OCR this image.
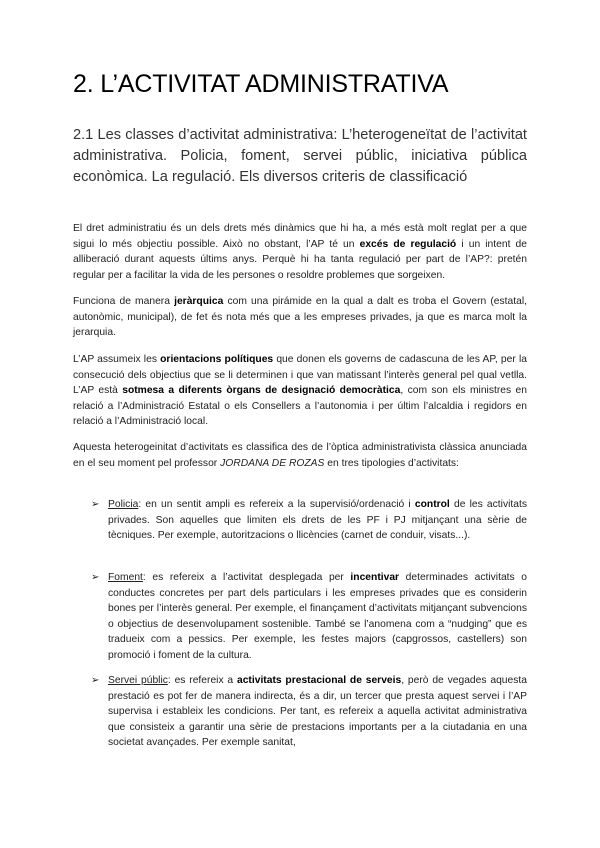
2. L’ACTIVITAT ADMINISTRATIVA
2.1 Les classes d’activitat administrativa: L’heterogeneïtat de l’activitat administrativa. Policia, foment, servei públic, iniciativa pública econòmica. La regulació. Els diversos criteris de classificació

El dret administratiu és un dels drets més dinàmics que hi ha, a més està molt reglat per a que sigui lo més objectiu possible. Això no obstant, l’AP té un excés de regulació i un intent de alliberació durant aquests últims anys. Perquè hi ha tanta regulació per part de l’AP?: pretén regular per a facilitar la vida de les persones o resoldre problemes que sorgeixen.

Funciona de manera jeràrquica com una pirámide en la qual a dalt es troba el Govern (estatal, autonòmic, municipal), de fet és nota més que a les empreses privades, ja que es marca molt la jerarquia.

L’AP assumeix les orientacions polítiques que donen els governs de cadascuna de les AP, per la consecució dels objectius que se li determinen i que van matissant l’interès general pel qual vetlla. L’AP està sotmesa a diferents òrgans de designació democràtica, com son els ministres en relació a l’Administració Estatal o els Consellers a l’autonomia i per últim l’alcaldia i regidors en relació a l’Administració local.

Aquesta heterogeinitat d’activitats es classifica des de l’òptica administrativista clàssica anunciada en el seu moment pel professor JORDANA DE ROZAS en tres tipologies d’activitats:

➢ Policia: en un sentit ampli es refereix a la supervisió/ordenació i control de les activitats privades. Son aquelles que limiten els drets de les PF i PJ mitjançant una sèrie de tècniques. Per exemple, autoritzacions o llicències (carnet de conduir, visats...).
➢ Foment: es refereix a l’activitat desplegada per incentivar determinades activitats o conductes concretes per part dels particulars i les empreses privades que es considerin bones per l’interès general. Per exemple, el finançament d’activitats mitjançant subvencions o objectius de desenvolupament sostenible. També se l’anomena com a “nudging” que es tradueix com a pessics. Per exemple, les festes majors (capgrossos, castellers) son promoció i foment de la cultura.
➢ Servei públic: es refereix a activitats prestacional de serveis, però de vegades aquesta prestació es pot fer de manera indirecta, és a dir, un tercer que presta aquest servei i l’AP supervisa i estableix les condicions. Per tant, es refereix a aquella activitat administrativa que consisteix a garantir una sèrie de prestacions importants per a la ciutadania en una societat avançades. Per exemple sanitat,
